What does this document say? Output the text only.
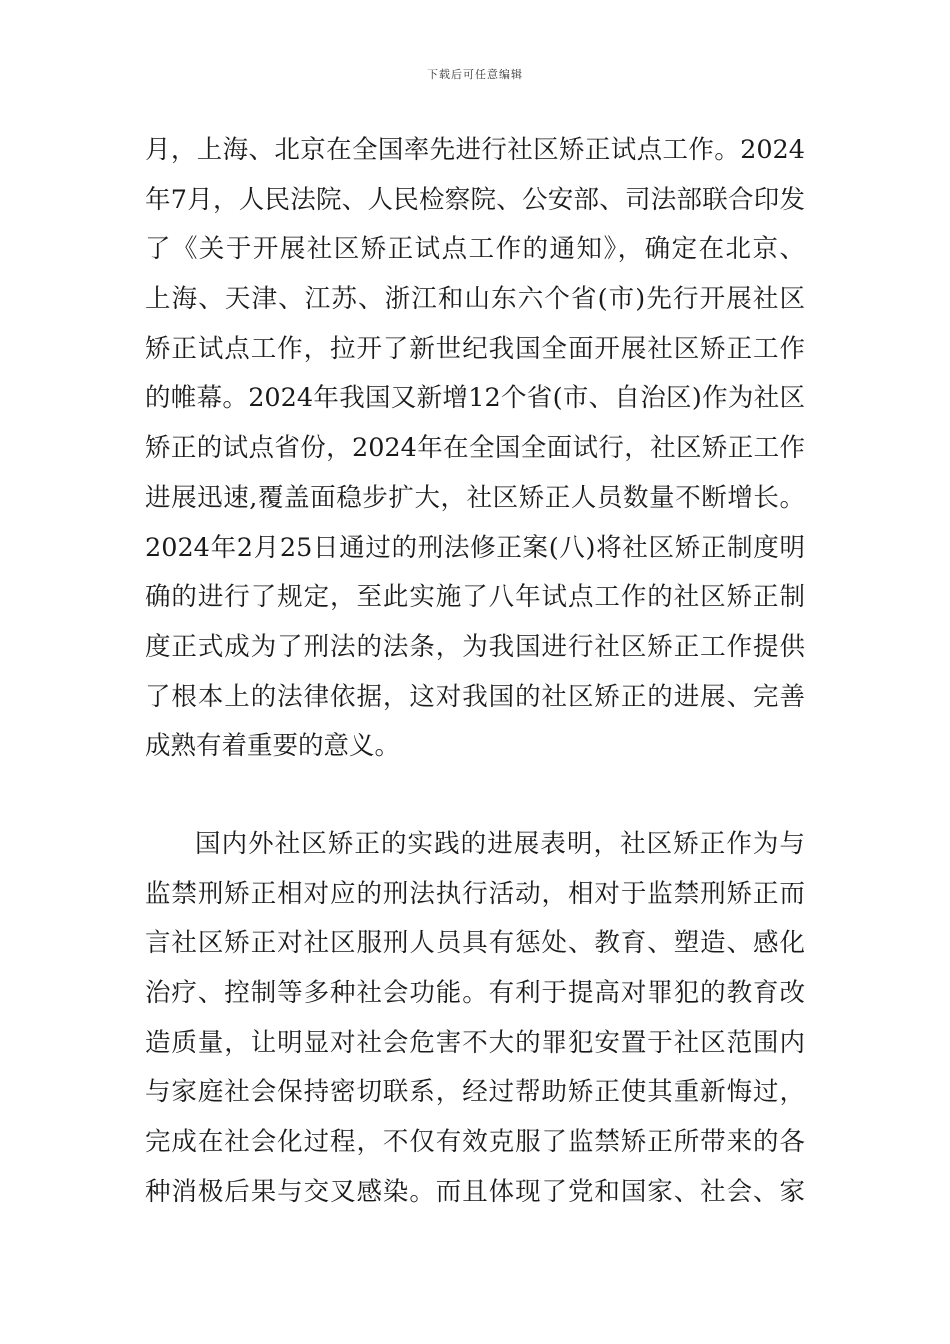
下载后可任意编辑
月，上海、北京在全国率先进行社区矫正试点工作。2024
年7月，人民法院、人民检察院、公安部、司法部联合印发
了《关于开展社区矫正试点工作的通知》，确定在北京、
上海、天津、江苏、浙江和山东六个省(市)先行开展社区
矫正试点工作，拉开了新世纪我国全面开展社区矫正工作
的帷幕。2024年我国又新增12个省(市、自治区)作为社区
矫正的试点省份，2024年在全国全面试行，社区矫正工作
进展迅速,覆盖面稳步扩大，社区矫正人员数量不断增长。
2024年2月25日通过的刑法修正案(八)将社区矫正制度明
确的进行了规定，至此实施了八年试点工作的社区矫正制
度正式成为了刑法的法条，为我国进行社区矫正工作提供
了根本上的法律依据，这对我国的社区矫正的进展、完善
成熟有着重要的意义。
国内外社区矫正的实践的进展表明，社区矫正作为与
监禁刑矫正相对应的刑法执行活动，相对于监禁刑矫正而
言社区矫正对社区服刑人员具有惩处、教育、塑造、感化
治疗、控制等多种社会功能。有利于提高对罪犯的教育改
造质量，让明显对社会危害不大的罪犯安置于社区范围内
与家庭社会保持密切联系，经过帮助矫正使其重新悔过，
完成在社会化过程，不仅有效克服了监禁矫正所带来的各
种消极后果与交叉感染。而且体现了党和国家、社会、家
